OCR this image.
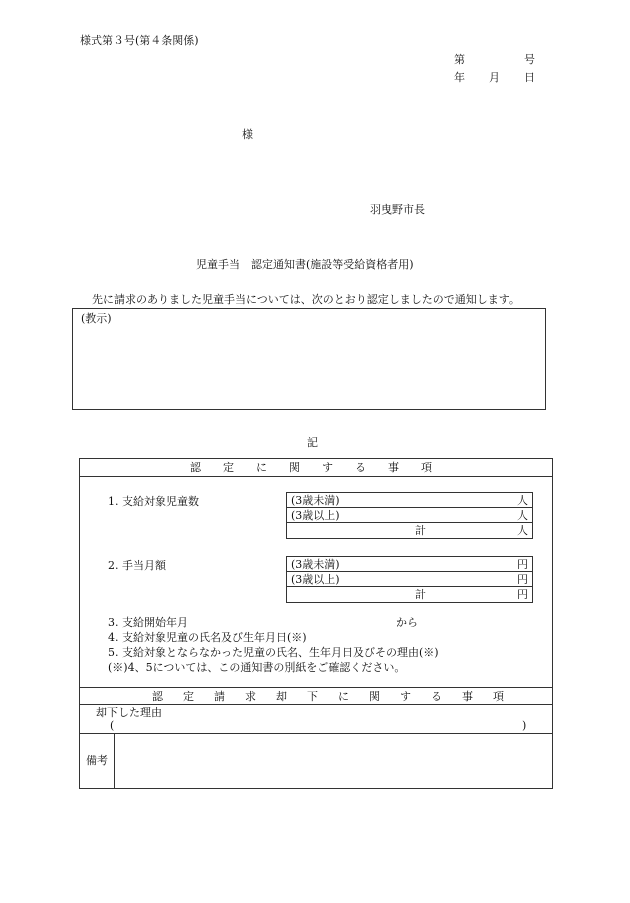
様式第３号(第４条関係)
第	号
年 月 日
様
羽曳野市長
児童手当　認定通知書(施設等受給資格者用)
先に請求のありました児童手当については、次のとおり認定しましたので通知します。
(教示)
記
認定に関する事項
1. 支給対象児童数	(3歳未満)	人
(3歳以上)	人
計	人
2. 手当月額	(3歳未満)	円
(3歳以上)	円
計	円
3. 支給開始年月	から
4. 支給対象児童の氏名及び生年月日(※)
5. 支給対象とならなかった児童の氏名、生年月日及びその理由(※)
(※)4、5については、この通知書の別紙をご確認ください。
認定請求却下に関する事項
却下した理由
(	)
備考
